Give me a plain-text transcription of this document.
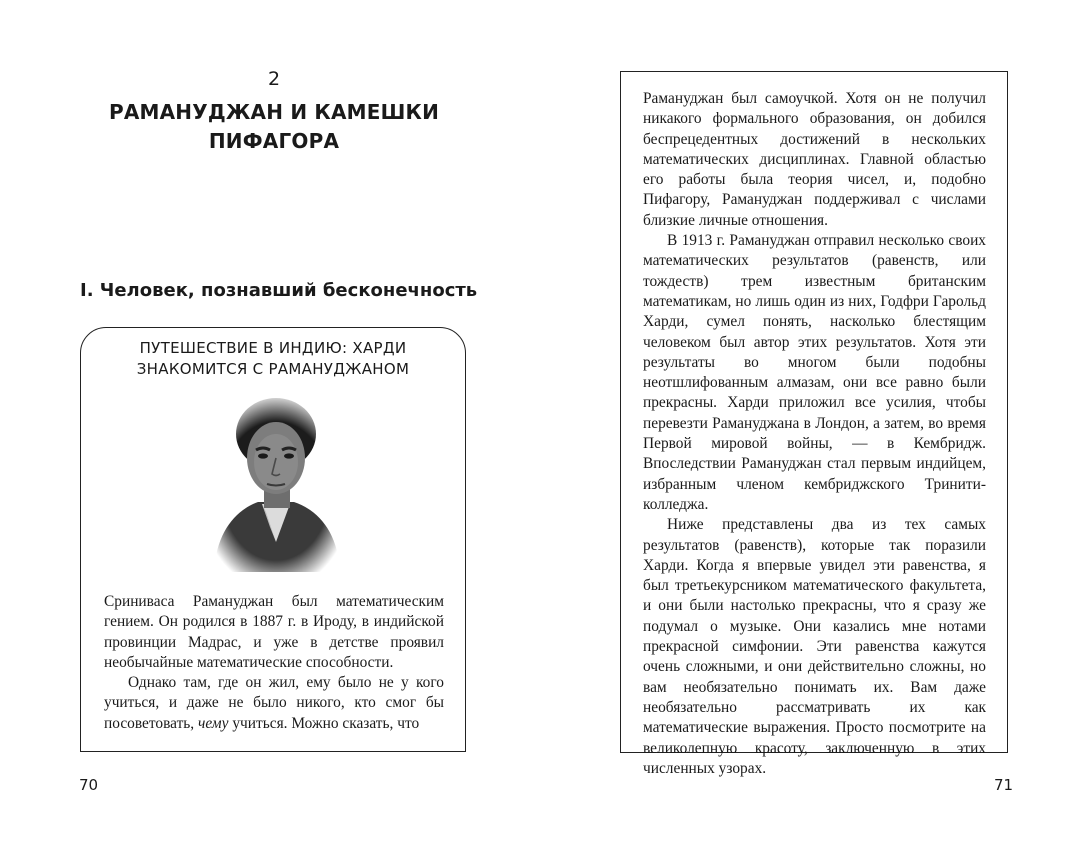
2
РАМАНУДЖАН И КАМЕШКИ
ПИФАГОРА
I. Человек, познавший бесконечность
ПУТЕШЕСТВИЕ В ИНДИЮ: ХАРДИ
ЗНАКОМИТСЯ С РАМАНУДЖАНОМ

Сриниваса Рамануджан был математическим гением. Он родился в 1887 г. в Ироду, в индийской провинции Мадрас, и уже в детстве проявил необычайные математические способности.

Однако там, где он жил, ему было не у кого учиться, и даже не было никого, кто смог бы посоветовать, чему учиться. Можно сказать, что

70

Рамануджан был самоучкой. Хотя он не получил никакого формального образования, он добился беспрецедентных достижений в нескольких математических дисциплинах. Главной областью его работы была теория чисел, и, подобно Пифагору, Рамануджан поддерживал с числами близкие личные отношения.

В 1913 г. Рамануджан отправил несколько своих математических результатов (равенств, или тождеств) трем известным британским математикам, но лишь один из них, Годфри Гарольд Харди, сумел понять, насколько блестящим человеком был автор этих результатов. Хотя эти результаты во многом были подобны неотшлифованным алмазам, они все равно были прекрасны. Харди приложил все усилия, чтобы перевезти Рамануджана в Лондон, а затем, во время Первой мировой войны, — в Кембридж. Впоследствии Рамануджан стал первым индийцем, избранным членом кембриджского Тринити-колледжа.

Ниже представлены два из тех самых результатов (равенств), которые так поразили Харди. Когда я впервые увидел эти равенства, я был третьекурсником математического факультета, и они были настолько прекрасны, что я сразу же подумал о музыке. Они казались мне нотами прекрасной симфонии. Эти равенства кажутся очень сложными, и они действительно сложны, но вам необязательно понимать их. Вам даже необязательно рассматривать их как математические выражения. Просто посмотрите на великолепную красоту, заключенную в этих численных узорах.

71
